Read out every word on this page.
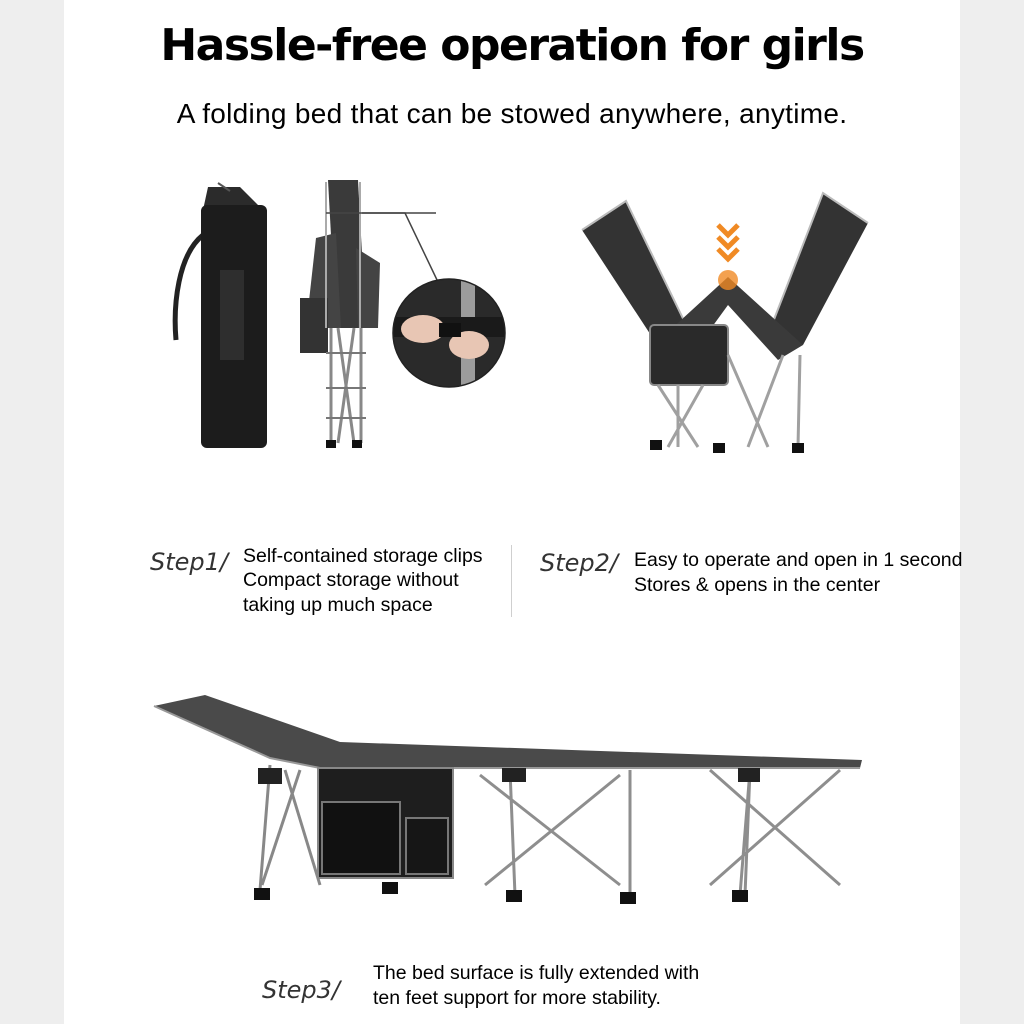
Hassle-free operation for girls
A folding bed that can be stowed anywhere, anytime.
Step1/ Self-contained storage clips
Compact storage without
taking up much space
Step2/ Easy to operate and open in 1 second
Stores & opens in the center
Step3/
The bed surface is fully extended with
ten feet support for more stability.
